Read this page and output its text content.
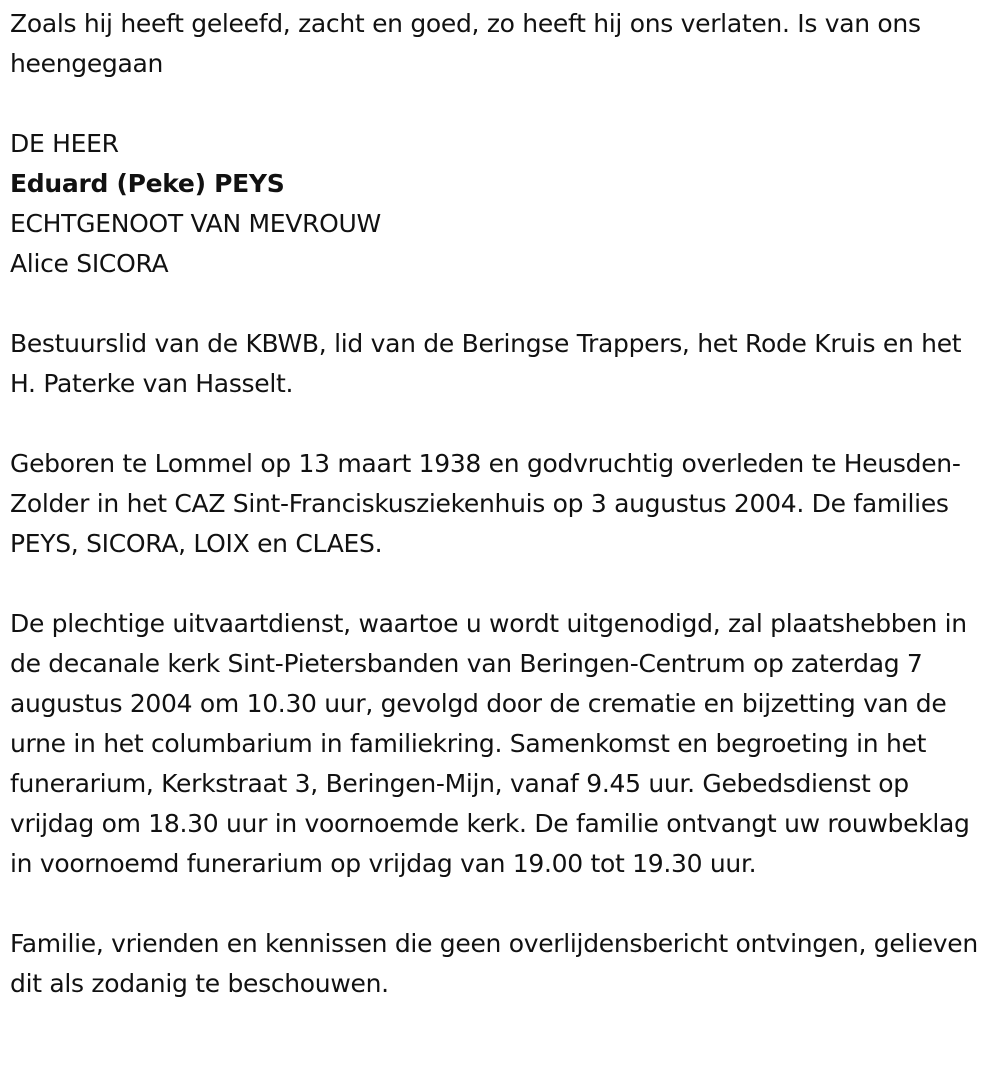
Zoals hij heeft geleefd, zacht en goed, zo heeft hij ons verlaten. Is van ons heengegaan

DE HEER

Eduard (Peke) PEYS

ECHTGENOOT VAN MEVROUW

Alice SICORA

Bestuurslid van de KBWB, lid van de Beringse Trappers, het Rode Kruis en het H. Paterke van Hasselt.

Geboren te Lommel op 13 maart 1938 en godvruchtig overleden te Heusden-Zolder in het CAZ Sint-Franciskusziekenhuis op 3 augustus 2004. De families PEYS, SICORA, LOIX en CLAES.

De plechtige uitvaartdienst, waartoe u wordt uitgenodigd, zal plaatshebben in de decanale kerk Sint-Pietersbanden van Beringen-Centrum op zaterdag 7 augustus 2004 om 10.30 uur, gevolgd door de crematie en bijzetting van de urne in het columbarium in familiekring. Samenkomst en begroeting in het funerarium, Kerkstraat 3, Beringen-Mijn, vanaf 9.45 uur. Gebedsdienst op vrijdag om 18.30 uur in voornoemde kerk. De familie ontvangt uw rouwbeklag in voornoemd funerarium op vrijdag van 19.00 tot 19.30 uur.

Familie, vrienden en kennissen die geen overlijdensbericht ontvingen, gelieven dit als zodanig te beschouwen.
